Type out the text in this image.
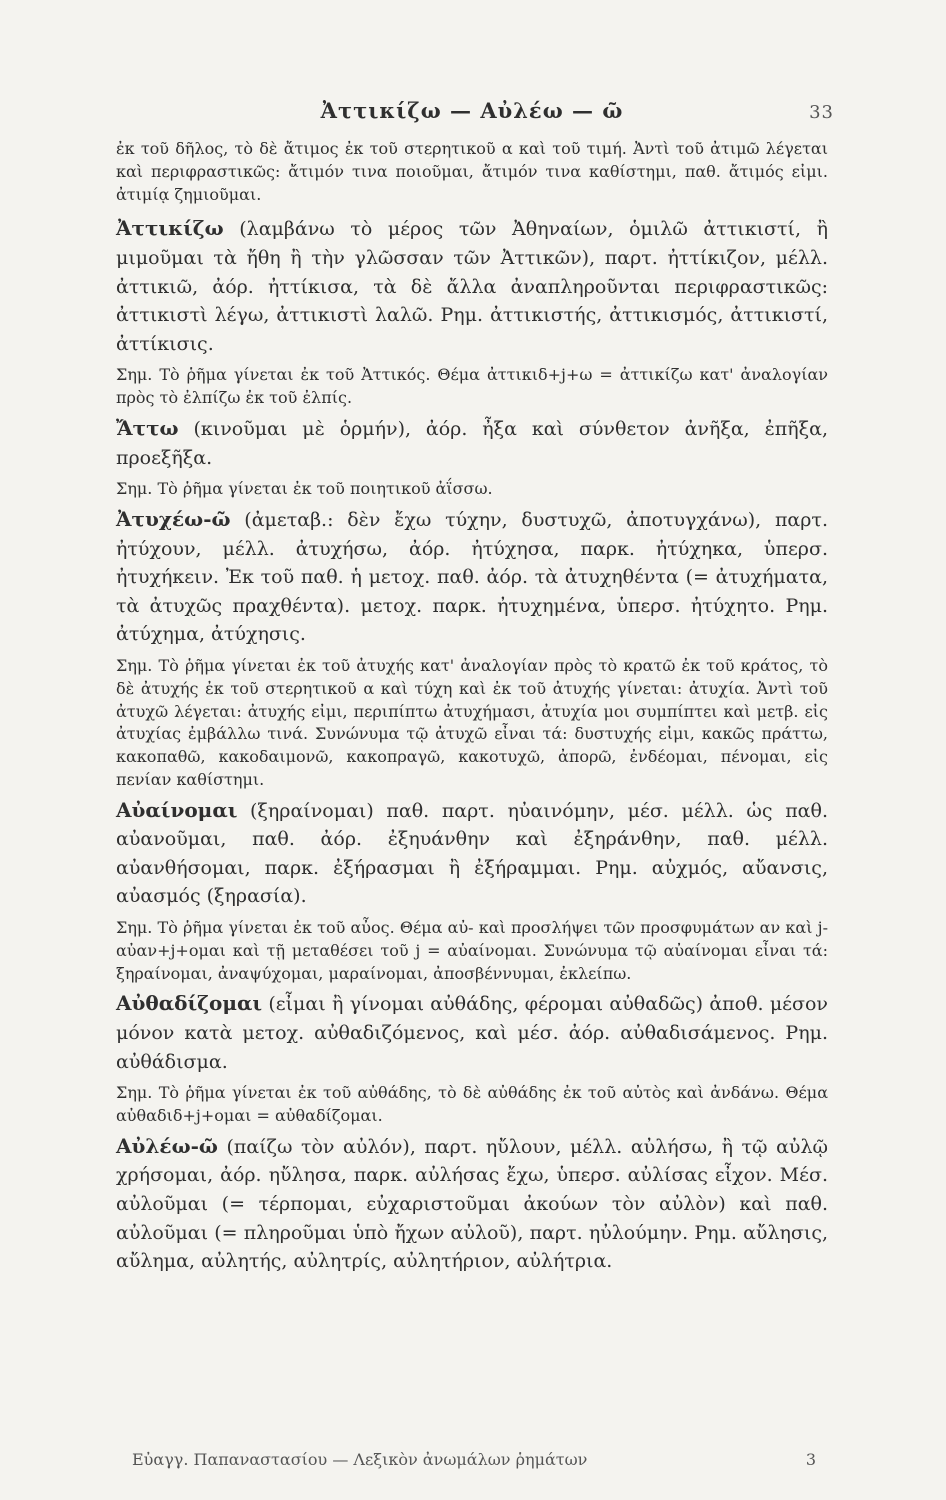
Ἀττικίζω — Αὐλέω — ῶ	33

ἐκ τοῦ δῆλος, τὸ δὲ ἄτιμος ἐκ τοῦ στερητικοῦ α καὶ τοῦ τιμή. Ἀντὶ τοῦ ἀτιμῶ λέγεται καὶ περιφραστικῶς: ἄτιμόν τινα ποιοῦμαι, ἄτιμόν τινα καθίστημι, παθ. ἄτιμός εἰμι. ἀτιμίᾳ ζημιοῦμαι.

Ἀττικίζω (λαμβάνω τὸ μέρος τῶν Ἀθηναίων, ὁμιλῶ ἀττικιστί, ἢ μιμοῦμαι τὰ ἤθη ἢ τὴν γλῶσσαν τῶν Ἀττικῶν), παρτ. ἠττίκιζον, μέλλ. ἀττικιῶ, ἀόρ. ἠττίκισα, τὰ δὲ ἄλλα ἀναπληροῦνται περιφραστικῶς: ἀττικιστὶ λέγω, ἀττικιστὶ λαλῶ. Ρημ. ἀττικιστής, ἀττικισμός, ἀττικιστί, ἀττίκισις.

Σημ. Τὸ ῥῆμα γίνεται ἐκ τοῦ Ἀττικός. Θέμα ἀττικιδ+j+ω = ἀττικίζω κατ' ἀναλογίαν πρὸς τὸ ἐλπίζω ἐκ τοῦ ἐλπίς.

Ἄττω (κινοῦμαι μὲ ὁρμήν), ἀόρ. ἦξα καὶ σύνθετον ἀνῆξα, ἐπῆξα, προεξῆξα.

Σημ. Τὸ ῥῆμα γίνεται ἐκ τοῦ ποιητικοῦ ἀΐσσω.

Ἀτυχέω-ῶ (ἀμεταβ.: δὲν ἔχω τύχην, δυστυχῶ, ἀποτυγχάνω), παρτ. ἠτύχουν, μέλλ. ἀτυχήσω, ἀόρ. ἠτύχησα, παρκ. ἠτύχηκα, ὑπερσ. ἠτυχήκειν. Ἐκ τοῦ παθ. ἡ μετοχ. παθ. ἀόρ. τὰ ἀτυχηθέντα (= ἀτυχήματα, τὰ ἀτυχῶς πραχθέντα). μετοχ. παρκ. ἠτυχημένα, ὑπερσ. ἠτύχητο. Ρημ. ἀτύχημα, ἀτύχησις.

Σημ. Τὸ ῥῆμα γίνεται ἐκ τοῦ ἀτυχής κατ' ἀναλογίαν πρὸς τὸ κρατῶ ἐκ τοῦ κράτος, τὸ δὲ ἀτυχής ἐκ τοῦ στερητικοῦ α καὶ τύχη καὶ ἐκ τοῦ ἀτυχής γίνεται: ἀτυχία. Ἀντὶ τοῦ ἀτυχῶ λέγεται: ἀτυχής εἰμι, περιπίπτω ἀτυχήμασι, ἀτυχία μοι συμπίπτει καὶ μετβ. εἰς ἀτυχίας ἐμβάλλω τινά. Συνώνυμα τῷ ἀτυχῶ εἶναι τά: δυστυχής εἰμι, κακῶς πράττω, κακοπαθῶ, κακοδαιμονῶ, κακοπραγῶ, κακοτυχῶ, ἀπορῶ, ἐνδέομαι, πένομαι, εἰς πενίαν καθίστημι.

Αὐαίνομαι (ξηραίνομαι) παθ. παρτ. ηὐαινόμην, μέσ. μέλλ. ὡς παθ. αὐανοῦμαι, παθ. ἀόρ. ἐξηυάνθην καὶ ἐξηράνθην, παθ. μέλλ. αὐανθήσομαι, παρκ. ἐξήρασμαι ἢ ἐξήραμμαι. Ρημ. αὐχμός, αὔανσις, αὐασμός (ξηρασία).

Σημ. Τὸ ῥῆμα γίνεται ἐκ τοῦ αὖος. Θέμα αὐ- καὶ προσλήψει τῶν προσφυμάτων αν καὶ j- αὐαν+j+ομαι καὶ τῇ μεταθέσει τοῦ j = αὐαίνομαι. Συνώνυμα τῷ αὐαίνομαι εἶναι τά: ξηραίνομαι, ἀναψύχομαι, μαραίνομαι, ἀποσβέννυμαι, ἐκλείπω.

Αὐθαδίζομαι (εἶμαι ἢ γίνομαι αὐθάδης, φέρομαι αὐθαδῶς) ἀποθ. μέσον μόνον κατὰ μετοχ. αὐθαδιζόμενος, καὶ μέσ. ἀόρ. αὐθαδισάμενος. Ρημ. αὐθάδισμα.

Σημ. Τὸ ῥῆμα γίνεται ἐκ τοῦ αὐθάδης, τὸ δὲ αὐθάδης ἐκ τοῦ αὐτὸς καὶ ἀνδάνω. Θέμα αὐθαδιδ+j+ομαι = αὐθαδίζομαι.

Αὐλέω-ῶ (παίζω τὸν αὐλόν), παρτ. ηὔλουν, μέλλ. αὐλήσω, ἢ τῷ αὐλῷ χρήσομαι, ἀόρ. ηὔλησα, παρκ. αὐλήσας ἔχω, ὑπερσ. αὐλίσας εἶχον. Μέσ. αὐλοῦμαι (= τέρπομαι, εὐχαριστοῦμαι ἀκούων τὸν αὐλὸν) καὶ παθ. αὐλοῦμαι (= πληροῦμαι ὑπὸ ἤχων αὐλοῦ), παρτ. ηὐλούμην. Ρημ. αὔλησις, αὔλημα, αὐλητής, αὐλητρίς, αὐλητήριον, αὐλήτρια.

Εὐαγγ. Παπαναστασίου — Λεξικὸν ἀνωμάλων ῥημάτων	3
